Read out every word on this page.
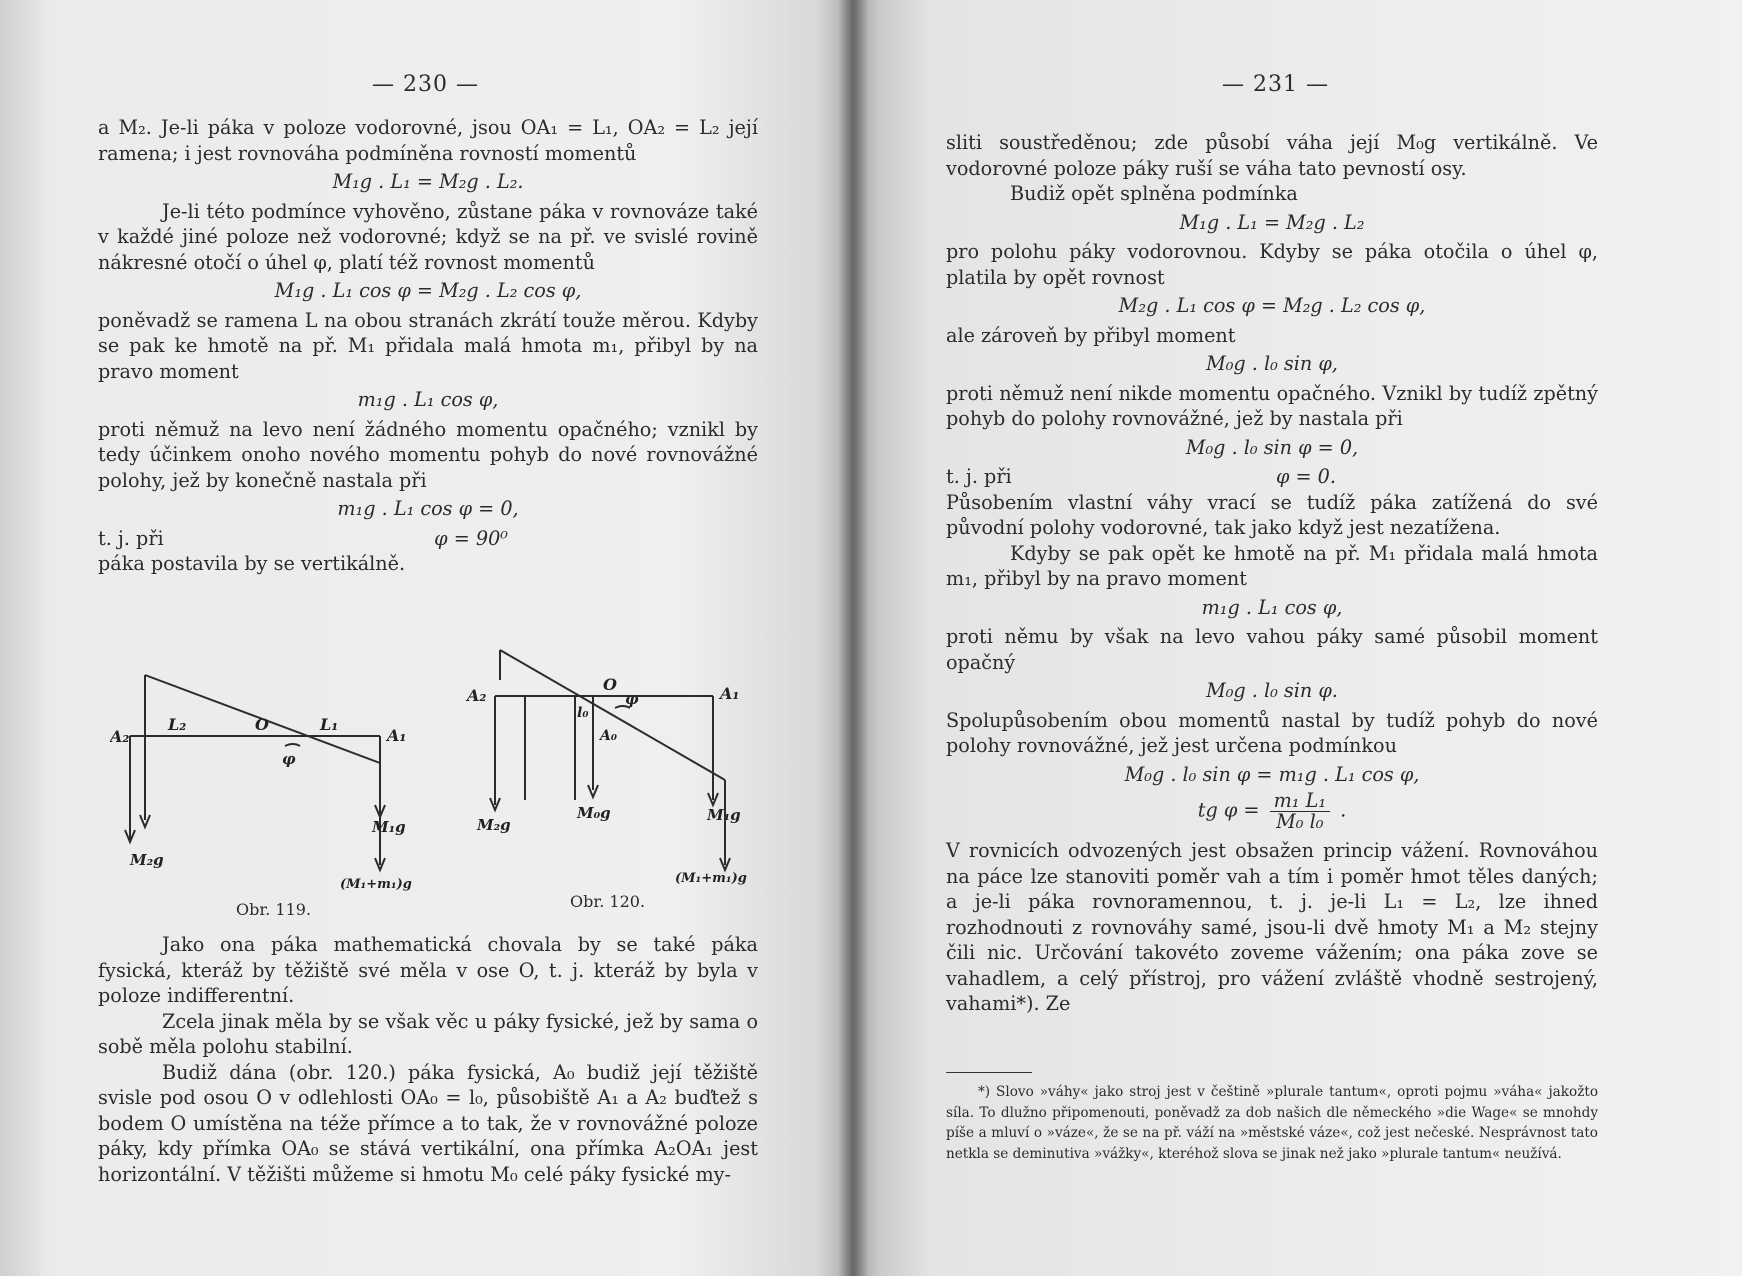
— 230 —

a M₂. Je-li páka v poloze vodorovné, jsou OA₁ = L₁, OA₂ = L₂ její ramena; i jest rovnováha podmíněna rovností momentů

M₁g . L₁ = M₂g . L₂.

Je-li této podmínce vyhověno, zůstane páka v rovnováze také v každé jiné poloze než vodorovné; když se na př. ve svislé rovině nákresné otočí o úhel φ, platí též rovnost momentů

M₁g . L₁ cos φ = M₂g . L₂ cos φ,

poněvadž se ramena L na obou stranách zkrátí touže měrou. Kdyby se pak ke hmotě na př. M₁ přidala malá hmota m₁, přibyl by na pravo moment

m₁g . L₁ cos φ,

proti němuž na levo není žádného momentu opačného; vznikl by tedy účinkem onoho nového momentu pohyb do nové rovnovážné polohy, jež by konečně nastala při

m₁g . L₁ cos φ = 0,
t. j. při	φ = 90⁰

páka postavila by se vertikálně.

L₂	O	L₁
A₁
A₂
φ
M₁g
M₂g
(M₁+m₁)g
Obr. 119.
O
A₂	A₁
l₀
A₀
φ
M₀g
M₂g
M₁g
(M₁+m₁)g
Obr. 120.

Jako ona páka mathematická chovala by se také páka fysická, kteráž by těžiště své měla v ose O, t. j. kteráž by byla v poloze indifferentní.

Zcela jinak měla by se však věc u páky fysické, jež by sama o sobě měla polohu stabilní.

Budiž dána (obr. 120.) páka fysická, A₀ budiž její těžiště svisle pod osou O v odlehlosti OA₀ = l₀, působiště A₁ a A₂ buďtež s bodem O umístěna na téže přímce a to tak, že v rovnovážné poloze páky, kdy přímka OA₀ se stává vertikální, ona přímka A₂OA₁ jest horizontální. V těžišti můžeme si hmotu M₀ celé páky fysické my-

— 231 —

sliti soustředěnou; zde působí váha její M₀g vertikálně. Ve vodorovné poloze páky ruší se váha tato pevností osy.

Budiž opět splněna podmínka

M₁g . L₁ = M₂g . L₂

pro polohu páky vodorovnou. Kdyby se páka otočila o úhel φ, platila by opět rovnost

M₂g . L₁ cos φ = M₂g . L₂ cos φ,

ale zároveň by přibyl moment

M₀g . l₀ sin φ,

proti němuž není nikde momentu opačného. Vznikl by tudíž zpětný pohyb do polohy rovnovážné, jež by nastala při

M₀g . l₀ sin φ = 0,
t. j. při	φ = 0.

Působením vlastní váhy vrací se tudíž páka zatížená do své původní polohy vodorovné, tak jako když jest nezatížena.

Kdyby se pak opět ke hmotě na př. M₁ přidala malá hmota m₁, přibyl by na pravo moment

m₁g . L₁ cos φ,

proti němu by však na levo vahou páky samé působil moment opačný

M₀g . l₀ sin φ.

Spolupůsobením obou momentů nastal by tudíž pohyb do nové polohy rovnovážné, jež jest určena podmínkou

M₀g . l₀ sin φ = m₁g . L₁ cos φ,
tg $\varphi = \frac{\text{m₁ L₁}}{\text{M₀ l₀}}$ .

V rovnicích odvozených jest obsažen princip vážení. Rovnováhou na páce lze stanoviti poměr vah a tím i poměr hmot těles daných; a je-li páka rovnoramennou, t. j. je-li L₁ = L₂, lze ihned rozhodnouti z rovnováhy samé, jsou-li dvě hmoty M₁ a M₂ stejny čili nic. Určování takovéto zoveme vážením; ona páka zove se vahadlem, a celý přístroj, pro vážení zvláště vhodně sestrojený, vahami*). Ze

*) Slovo »váhy« jako stroj jest v češtině »plurale tantum«, oproti pojmu »váha« jakožto síla. To dlužno připomenouti, poněvadž za dob našich dle německého »die Wage« se mnohdy píše a mluví o »váze«, že se na př. váží na »městské váze«, což jest nečeské. Nesprávnost tato netkla se deminutiva »vážky«, kteréhož slova se jinak než jako »plurale tantum« neužívá.
